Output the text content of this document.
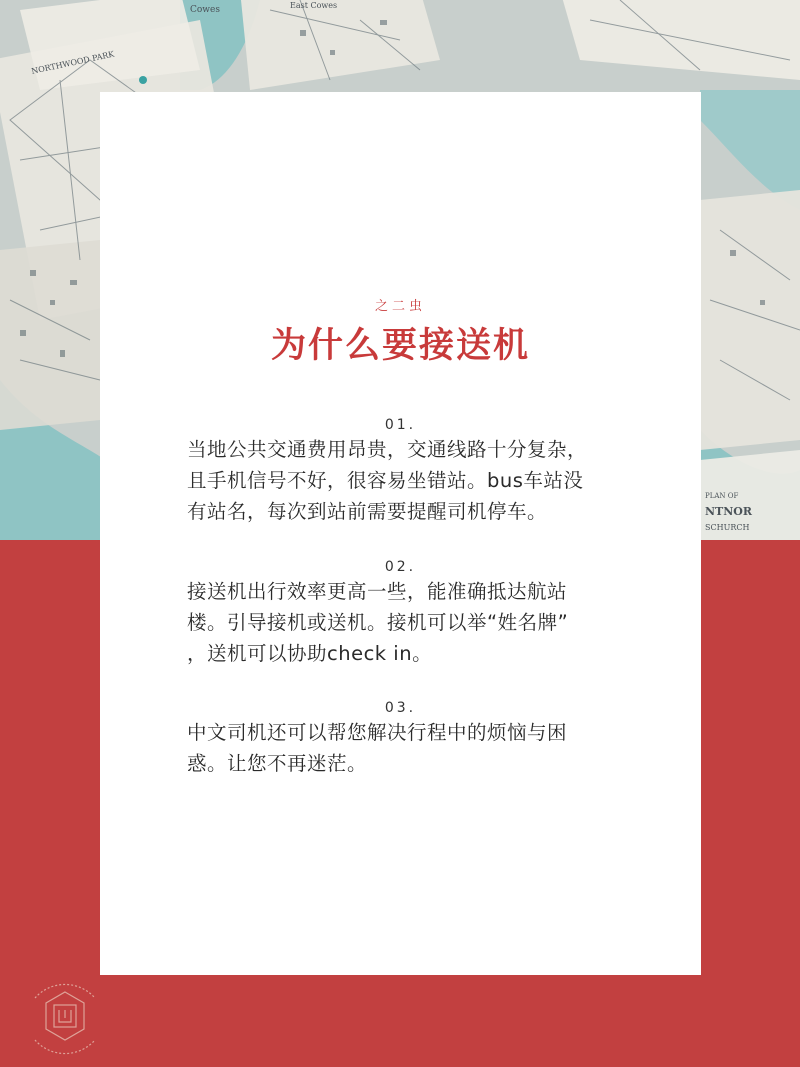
NORTHWOOD PARK
Cowes	East Cowes
PLAN OF
NTNOR
SCHURCH
之二虫
为什么要接送机
01.
当地公共交通费用昂贵，交通线路十分复杂，
且手机信号不好，很容易坐错站。bus车站没
有站名，每次到站前需要提醒司机停车。
02.
接送机出行效率更高一些，能准确抵达航站
楼。引导接机或送机。接机可以举“姓名牌”
，送机可以协助check in。
03.
中文司机还可以帮您解决行程中的烦恼与困
惑。让您不再迷茫。
